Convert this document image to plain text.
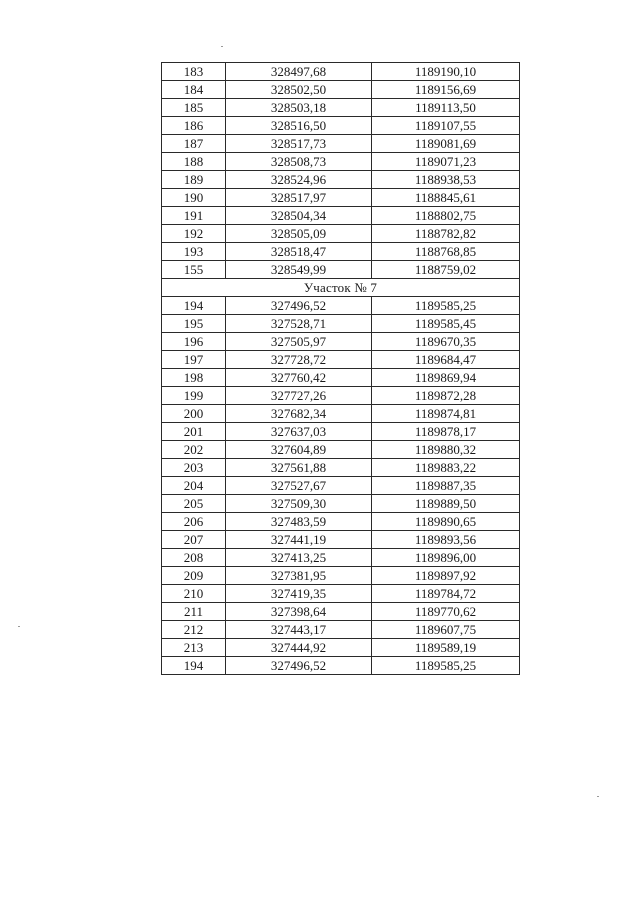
183	328497,68	1189190,10
184	328502,50	1189156,69
185	328503,18	1189113,50
186	328516,50	1189107,55
187	328517,73	1189081,69
188	328508,73	1189071,23
189	328524,96	1188938,53
190	328517,97	1188845,61
191	328504,34	1188802,75
192	328505,09	1188782,82
193	328518,47	1188768,85
155	328549,99	1188759,02
Участок № 7		
194	327496,52	1189585,25
195	327528,71	1189585,45
196	327505,97	1189670,35
197	327728,72	1189684,47
198	327760,42	1189869,94
199	327727,26	1189872,28
200	327682,34	1189874,81
201	327637,03	1189878,17
202	327604,89	1189880,32
203	327561,88	1189883,22
204	327527,67	1189887,35
205	327509,30	1189889,50
206	327483,59	1189890,65
207	327441,19	1189893,56
208	327413,25	1189896,00
209	327381,95	1189897,92
210	327419,35	1189784,72
211	327398,64	1189770,62
212	327443,17	1189607,75
213	327444,92	1189589,19
194	327496,52	1189585,25
